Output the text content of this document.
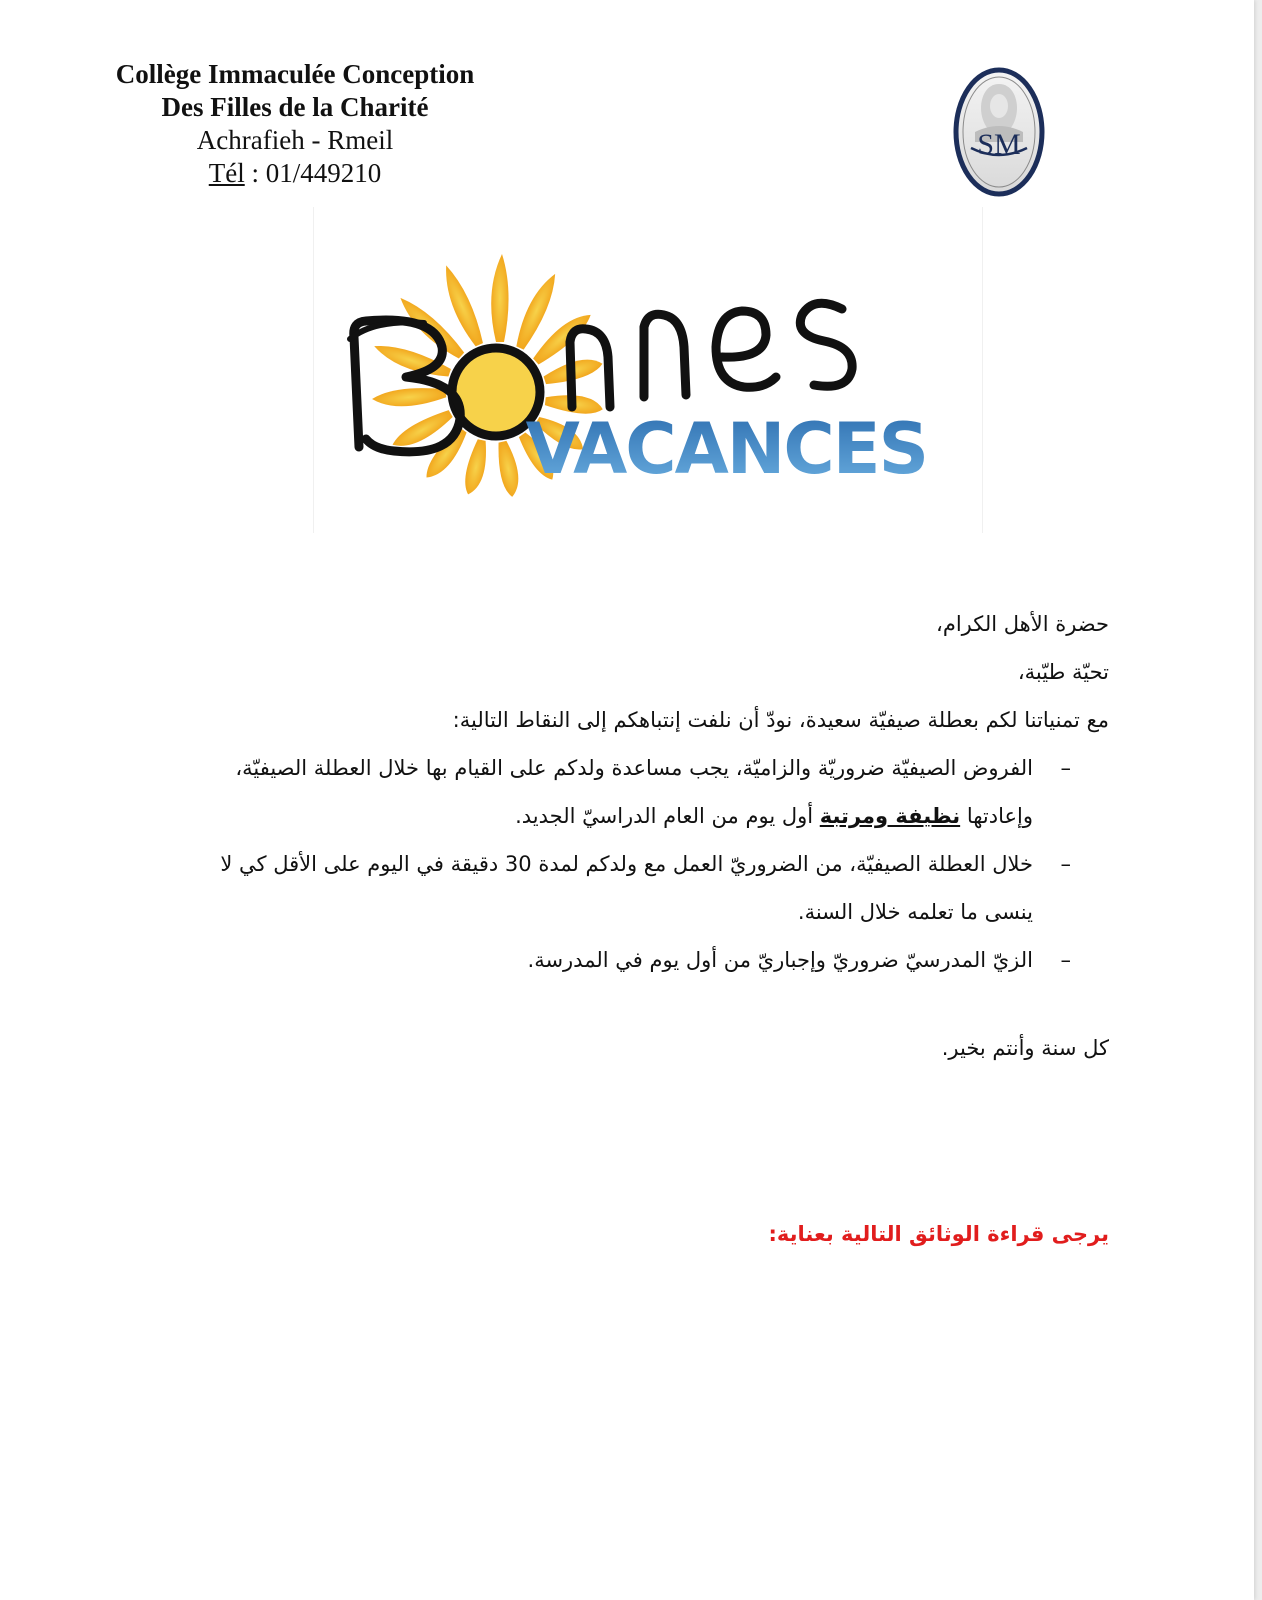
Collège Immaculée Conception
Des Filles de la Charité
Achrafieh - Rmeil
Tél : 01/449210
SM
VACANCES

حضرة الأهل الكرام،

تحيّة طيّبة،

مع تمنياتنا لكم بعطلة صيفيّة سعيدة، نودّ أن نلفت إنتباهكم إلى النقاط التالية:

–
الفروض الصيفيّة ضروريّة والزاميّة، يجب مساعدة ولدكم على القيام بها خلال العطلة الصيفيّة،
وإعادتها نظيفة ومرتبة أول يوم من العام الدراسيّ الجديد.
–
خلال العطلة الصيفيّة، من الضروريّ العمل مع ولدكم لمدة 30 دقيقة في اليوم على الأقل كي لا
ينسى ما تعلمه خلال السنة.
–
الزيّ المدرسيّ ضروريّ وإجباريّ من أول يوم في المدرسة.
كل سنة وأنتم بخير.
يرجى قراءة الوثائق التالية بعناية:
